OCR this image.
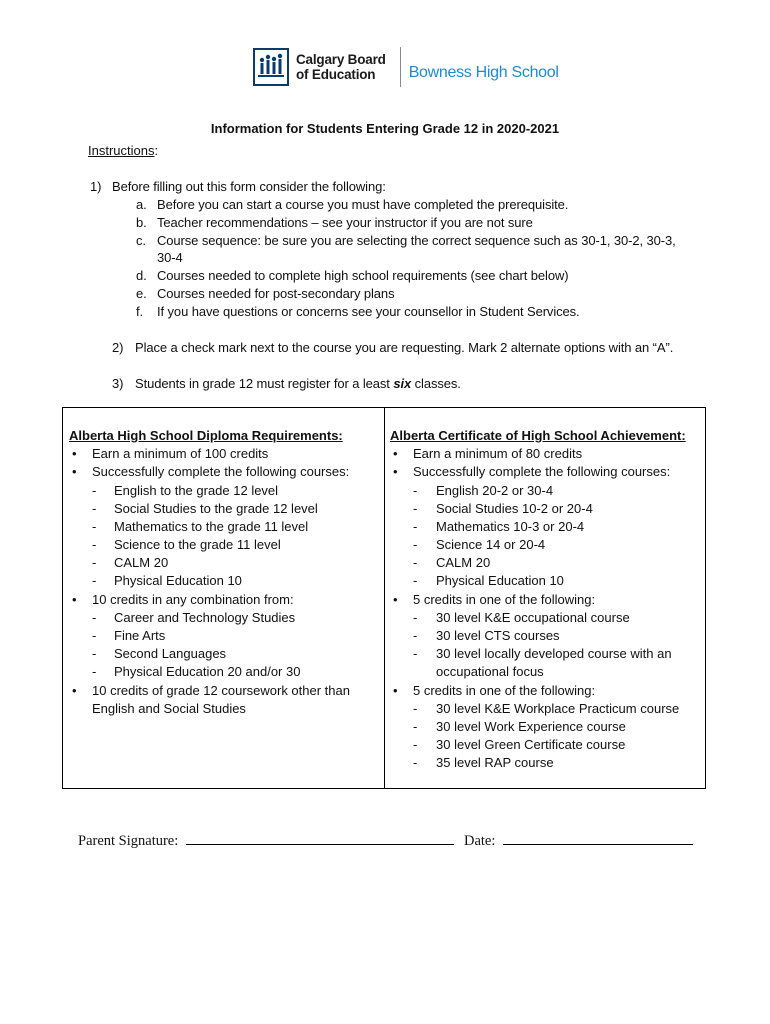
Calgary Board
of Education	Bowness High School
Information for Students Entering Grade 12 in 2020-2021
Instructions:
1) Before filling out this form consider the following:
a. Before you can start a course you must have completed the prerequisite.
b. Teacher recommendations – see your instructor if you are not sure
c. Course sequence: be sure you are selecting the correct sequence such as 30-1, 30-2, 30-3,
30-4
d. Courses needed to complete high school requirements (see chart below)
e. Courses needed for post-secondary plans
f. If you have questions or concerns see your counsellor in Student Services.
2) Place a check mark next to the course you are requesting. Mark 2 alternate options with an “A”.
3) Students in grade 12 must register for a least six classes.
Alberta High School Diploma Requirements:
• Earn a minimum of 100 credits
• Successfully complete the following courses:
- English to the grade 12 level
- Social Studies to the grade 12 level
- Mathematics to the grade 11 level
- Science to the grade 11 level
- CALM 20
- Physical Education 10
• 10 credits in any combination from:
- Career and Technology Studies
- Fine Arts
- Second Languages
- Physical Education 20 and/or 30
• 10 credits of grade 12 coursework other than
English and Social Studies
Alberta Certificate of High School Achievement:
• Earn a minimum of 80 credits
• Successfully complete the following courses:
- English 20-2 or 30-4
- Social Studies 10-2 or 20-4
- Mathematics 10-3 or 20-4
- Science 14 or 20-4
- CALM 20
- Physical Education 10
• 5 credits in one of the following:
- 30 level K&E occupational course
- 30 level CTS courses
- 30 level locally developed course with an
occupational focus
• 5 credits in one of the following:
- 30 level K&E Workplace Practicum course
- 30 level Work Experience course
- 30 level Green Certificate course
- 35 level RAP course
Parent Signature:	Date:
